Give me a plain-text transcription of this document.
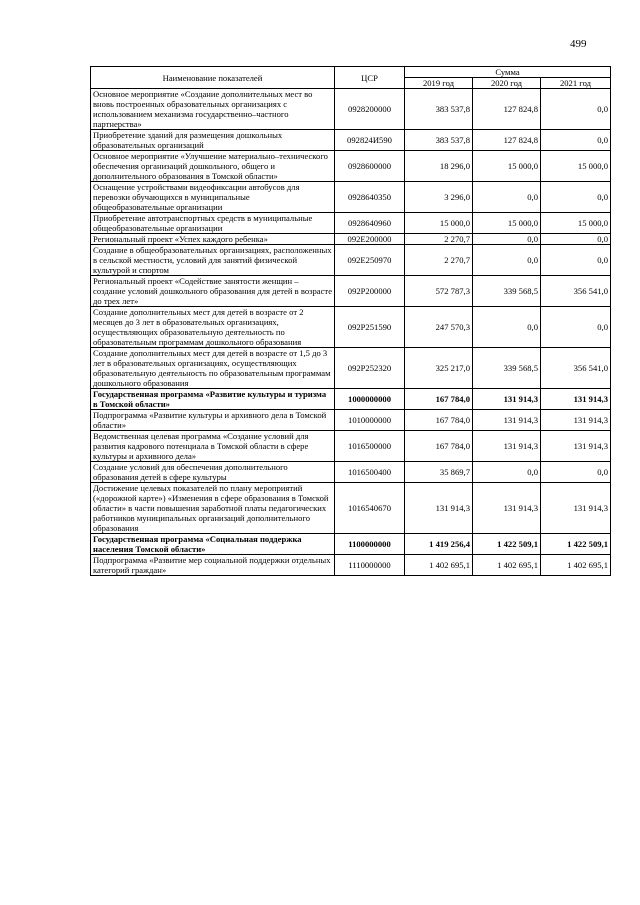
499
Наименование показателей	ЦСР	Сумма		
		2019 год	2020 год	2021 год
Основное мероприятие «Создание дополнительных мест во вновь построенных образовательных организациях с использованием механизма государственно–частного партнерства»	0928200000	383 537,8	127 824,8	0,0
Приобретение зданий для размещения дошкольных образовательных организаций	092824И590	383 537,8	127 824,8	0,0
Основное мероприятие «Улучшение материально–технического обеспечения организаций дошкольного, общего и дополнительного образования в Томской области»	0928600000	18 296,0	15 000,0	15 000,0
Оснащение устройствами видеофиксации автобусов для перевозки обучающихся в муниципальные общеобразовательные организации	0928640350	3 296,0	0,0	0,0
Приобретение автотранспортных средств в муниципальные общеобразовательные организации	0928640960	15 000,0	15 000,0	15 000,0
Региональный проект «Успех каждого ребенка»	092E200000	2 270,7	0,0	0,0
Создание в общеобразовательных организациях, расположенных в сельской местности, условий для занятий физической культурой и спортом	092E250970	2 270,7	0,0	0,0
Региональный проект «Содействие занятости женщин – создание условий дошкольного образования для детей в возрасте до трех лет»	092P200000	572 787,3	339 568,5	356 541,0
Создание дополнительных мест для детей в возрасте от 2 месяцев до 3 лет в образовательных организациях, осуществляющих образовательную деятельность по образовательным программам дошкольного образования	092P251590	247 570,3	0,0	0,0
Создание дополнительных мест для детей в возрасте от 1,5 до 3 лет в образовательных организациях, осуществляющих образовательную деятельность по образовательным программам дошкольного образования	092P252320	325 217,0	339 568,5	356 541,0
Государственная программа «Развитие культуры и туризма в Томской области»	1000000000	167 784,0	131 914,3	131 914,3
Подпрограмма «Развитие культуры и архивного дела в Томской области»	1010000000	167 784,0	131 914,3	131 914,3
Ведомственная целевая программа «Создание условий для развития кадрового потенциала в Томской области в сфере культуры и архивного дела»	1016500000	167 784,0	131 914,3	131 914,3
Создание условий для обеспечения дополнительного образования детей в сфере культуры	1016500400	35 869,7	0,0	0,0
Достижение целевых показателей по плану мероприятий («дорожной карте») «Изменения в сфере образования в Томской области» в части повышения заработной платы педагогических работников муниципальных организаций дополнительного образования	1016540670	131 914,3	131 914,3	131 914,3
Государственная программа «Социальная поддержка населения Томской области»	1100000000	1 419 256,4	1 422 509,1	1 422 509,1
Подпрограмма «Развитие мер социальной поддержки отдельных категорий граждан»	1110000000	1 402 695,1	1 402 695,1	1 402 695,1
